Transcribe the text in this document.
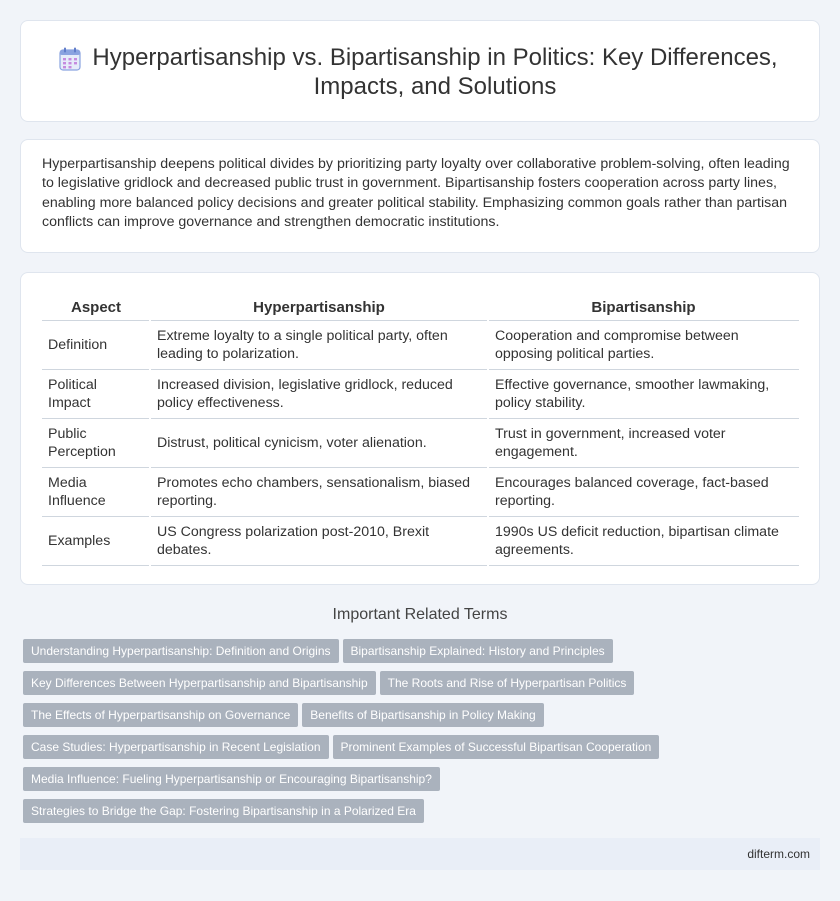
Hyperpartisanship vs. Bipartisanship in Politics: Key Differences, Impacts, and Solutions

Hyperpartisanship deepens political divides by prioritizing party loyalty over collaborative problem-solving, often leading to legislative gridlock and decreased public trust in government. Bipartisanship fosters cooperation across party lines, enabling more balanced policy decisions and greater political stability. Emphasizing common goals rather than partisan conflicts can improve governance and strengthen democratic institutions.

Aspect	Hyperpartisanship	Bipartisanship
Definition	Extreme loyalty to a single political party, often leading to polarization.	Cooperation and compromise between opposing political parties.
Political Impact	Increased division, legislative gridlock, reduced policy effectiveness.	Effective governance, smoother lawmaking, policy stability.
Public Perception	Distrust, political cynicism, voter alienation.	Trust in government, increased voter engagement.
Media Influence	Promotes echo chambers, sensationalism, biased reporting.	Encourages balanced coverage, fact-based reporting.
Examples	US Congress polarization post-2010, Brexit debates.	1990s US deficit reduction, bipartisan climate agreements.
Important Related Terms
Understanding Hyperpartisanship: Definition and Origins Bipartisanship Explained: History and Principles
Key Differences Between Hyperpartisanship and Bipartisanship The Roots and Rise of Hyperpartisan Politics
The Effects of Hyperpartisanship on Governance Benefits of Bipartisanship in Policy Making
Case Studies: Hyperpartisanship in Recent Legislation Prominent Examples of Successful Bipartisan Cooperation
Media Influence: Fueling Hyperpartisanship or Encouraging Bipartisanship?
Strategies to Bridge the Gap: Fostering Bipartisanship in a Polarized Era
difterm.com
